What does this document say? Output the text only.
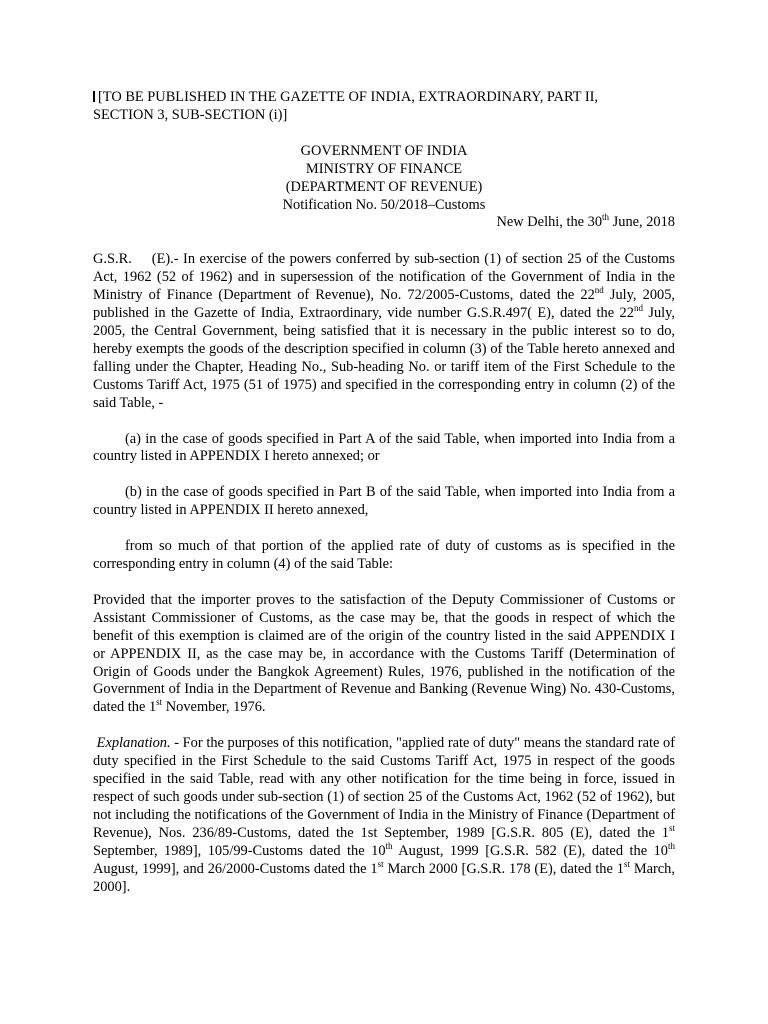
[TO BE PUBLISHED IN THE GAZETTE OF INDIA, EXTRAORDINARY, PART II,
SECTION 3, SUB-SECTION (i)]
GOVERNMENT OF INDIA
MINISTRY OF FINANCE
(DEPARTMENT OF REVENUE)
Notification No. 50/2018–Customs
New Delhi, the 30th June, 2018

G.S.R. (E).- In exercise of the powers conferred by sub-section (1) of section 25 of the Customs Act, 1962 (52 of 1962) and in supersession of the notification of the Government of India in the Ministry of Finance (Department of Revenue), No. 72/2005-Customs, dated the 22nd July, 2005, published in the Gazette of India, Extraordinary, vide number G.S.R.497( E), dated the 22nd July, 2005, the Central Government, being satisfied that it is necessary in the public interest so to do, hereby exempts the goods of the description specified in column (3) of the Table hereto annexed and falling under the Chapter, Heading No., Sub-heading No. or tariff item of the First Schedule to the Customs Tariff Act, 1975 (51 of 1975) and specified in the corresponding entry in column (2) of the said Table, -

(a) in the case of goods specified in Part A of the said Table, when imported into India from a country listed in APPENDIX I hereto annexed; or

(b) in the case of goods specified in Part B of the said Table, when imported into India from a country listed in APPENDIX II hereto annexed,

from so much of that portion of the applied rate of duty of customs as is specified in the corresponding entry in column (4) of the said Table:

Provided that the importer proves to the satisfaction of the Deputy Commissioner of Customs or Assistant Commissioner of Customs, as the case may be, that the goods in respect of which the benefit of this exemption is claimed are of the origin of the country listed in the said APPENDIX I or APPENDIX II, as the case may be, in accordance with the Customs Tariff (Determination of Origin of Goods under the Bangkok Agreement) Rules, 1976, published in the notification of the Government of India in the Department of Revenue and Banking (Revenue Wing) No. 430-Customs, dated the 1st November, 1976.

Explanation. - For the purposes of this notification, "applied rate of duty" means the standard rate of duty specified in the First Schedule to the said Customs Tariff Act, 1975 in respect of the goods specified in the said Table, read with any other notification for the time being in force, issued in respect of such goods under sub-section (1) of section 25 of the Customs Act, 1962 (52 of 1962), but not including the notifications of the Government of India in the Ministry of Finance (Department of Revenue), Nos. 236/89-Customs, dated the 1st September, 1989 [G.S.R. 805 (E), dated the 1st September, 1989], 105/99-Customs dated the 10th August, 1999 [G.S.R. 582 (E), dated the 10th August, 1999], and 26/2000-Customs dated the 1st March 2000 [G.S.R. 178 (E), dated the 1st March, 2000].
